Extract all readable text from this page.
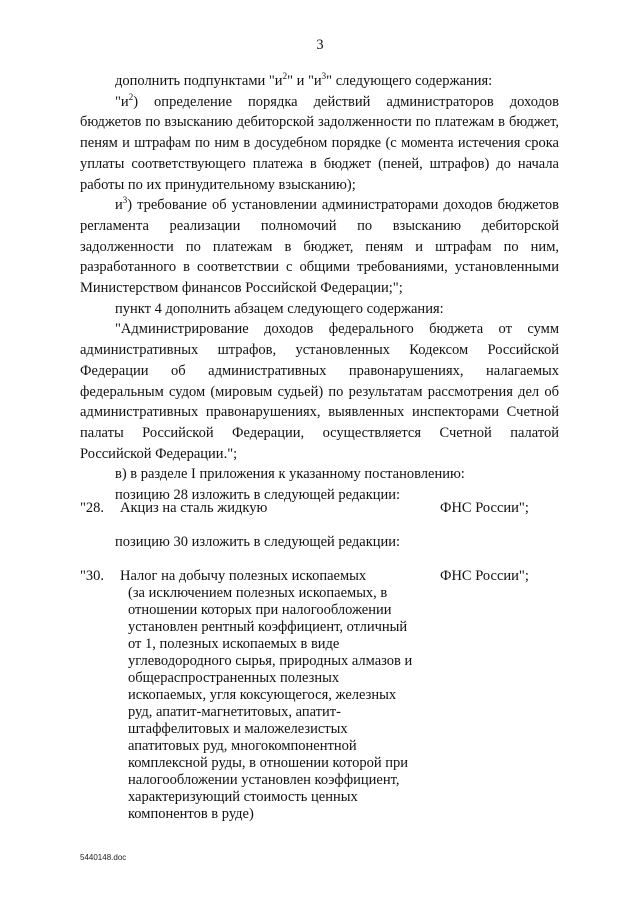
3

дополнить подпунктами "$и^2$" и "$и^3$" следующего содержания:

"$и^2$) определение порядка действий администраторов доходов бюджетов по взысканию дебиторской задолженности по платежам в бюджет, пеням и штрафам по ним в досудебном порядке (с момента истечения срока уплаты соответствующего платежа в бюджет (пеней, штрафов) до начала работы по их принудительному взысканию);

$и^3$) требование об установлении администраторами доходов бюджетов регламента реализации полномочий по взысканию дебиторской задолженности по платежам в бюджет, пеням и штрафам по ним, разработанного в соответствии с общими требованиями, установленными Министерством финансов Российской Федерации;";

пункт 4 дополнить абзацем следующего содержания:

"Администрирование доходов федерального бюджета от сумм административных штрафов, установленных Кодексом Российской Федерации об административных правонарушениях, налагаемых федеральным судом (мировым судьей) по результатам рассмотрения дел об административных правонарушениях, выявленных инспекторами Счетной палаты Российской Федерации, осуществляется Счетной палатой Российской Федерации.";

в) в разделе I приложения к указанному постановлению:

позицию 28 изложить в следующей редакции:

"28. Акциз на сталь жидкую	ФНС России";
позицию 30 изложить в следующей редакции:
"30. Налог на добычу полезных ископаемых
(за исключением полезных ископаемых, в отношении которых при налогообложении установлен рентный коэффициент, отличный от 1, полезных ископаемых в виде углеводородного сырья, природных алмазов и общераспространенных полезных ископаемых, угля коксующегося, железных руд, апатит-магнетитовых, апатит-штаффелитовых и маложелезистых апатитовых руд, многокомпонентной комплексной руды, в отношении которой при налогообложении установлен коэффициент, характеризующий стоимость ценных компонентов в руде)
ФНС России";
5440148.doc
